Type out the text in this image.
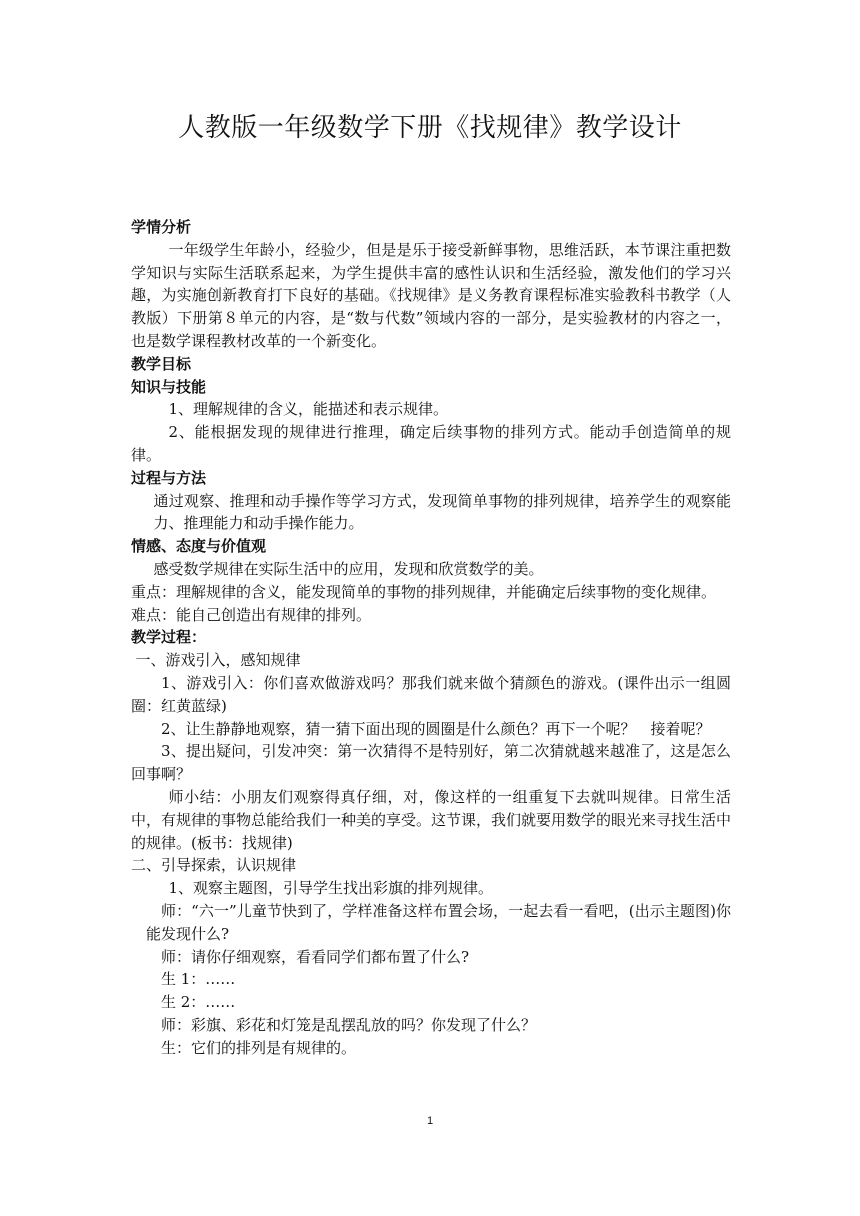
人教版一年级数学下册《找规律》教学设计

学情分析

一年级学生年龄小，经验少，但是是乐于接受新鲜事物，思维活跃，本节课注重把数学知识与实际生活联系起来，为学生提供丰富的感性认识和生活经验，激发他们的学习兴趣，为实施创新教育打下良好的基础。《找规律》是义务教育课程标准实验教科书教学（人教版）下册第８单元的内容，是“数与代数”领域内容的一部分，是实验教材的内容之一，也是数学课程教材改革的一个新变化。

教学目标

知识与技能

1、理解规律的含义，能描述和表示规律。

2、能根据发现的规律进行推理，确定后续事物的排列方式。能动手创造简单的规律。

过程与方法

通过观察、推理和动手操作等学习方式，发现简单事物的排列规律，培养学生的观察能力、推理能力和动手操作能力。

情感、态度与价值观

感受数学规律在实际生活中的应用，发现和欣赏数学的美。

重点：理解规律的含义，能发现简单的事物的排列规律，并能确定后续事物的变化规律。

难点：能自己创造出有规律的排列。

教学过程：

一、游戏引入，感知规律

1、游戏引入：你们喜欢做游戏吗？那我们就来做个猜颜色的游戏。(课件出示一组圆圈：红黄蓝绿)

2、让生静静地观察，猜一猜下面出现的圆圈是什么颜色？再下一个呢？　接着呢？

3、提出疑问，引发冲突：第一次猜得不是特别好，第二次猜就越来越准了，这是怎么回事啊？

师小结：小朋友们观察得真仔细，对，像这样的一组重复下去就叫规律。日常生活中，有规律的事物总能给我们一种美的享受。这节课，我们就要用数学的眼光来寻找生活中的规律。(板书：找规律)

二、引导探索，认识规律

1、观察主题图，引导学生找出彩旗的排列规律。

师：“六一”儿童节快到了，学样准备这样布置会场，一起去看一看吧，(出示主题图)你能发现什么?

师：请你仔细观察，看看同学们都布置了什么?

生 1：……

生 2：……

师：彩旗、彩花和灯笼是乱摆乱放的吗？你发现了什么？

生：它们的排列是有规律的。

1
